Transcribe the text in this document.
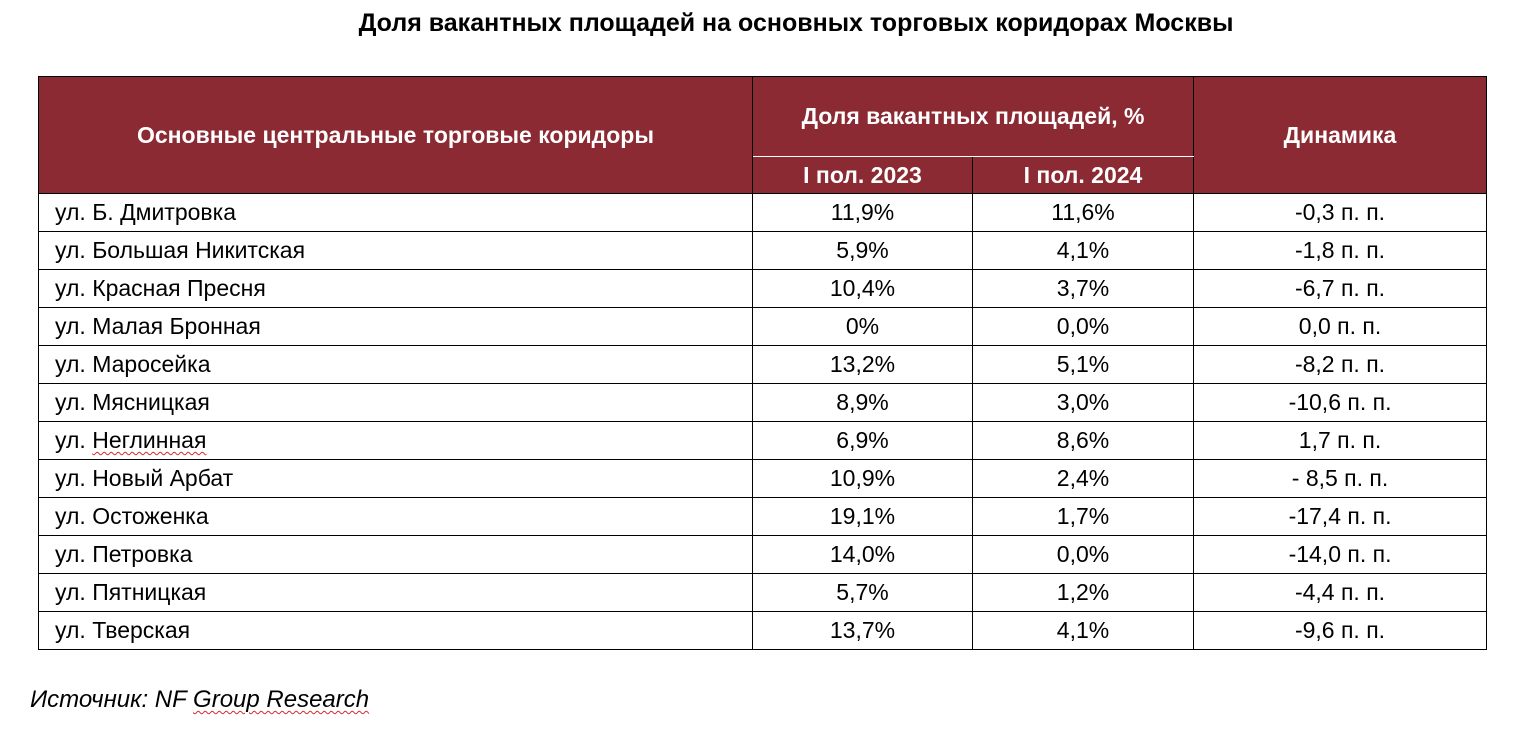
Доля вакантных площадей на основных торговых коридорах Москвы
Основные центральные торговые коридоры	Доля вакантных площадей, %		Динамика
	I пол. 2023	I пол. 2024	
ул. Б. Дмитровка	11,9%	11,6%	-0,3 п. п.
ул. Большая Никитская	5,9%	4,1%	-1,8 п. п.
ул. Красная Пресня	10,4%	3,7%	-6,7 п. п.
ул. Малая Бронная	0%	0,0%	0,0 п. п.
ул. Маросейка	13,2%	5,1%	-8,2 п. п.
ул. Мясницкая	8,9%	3,0%	-10,6 п. п.
ул. Неглинная	6,9%	8,6%	1,7 п. п.
ул. Новый Арбат	10,9%	2,4%	- 8,5 п. п.
ул. Остоженка	19,1%	1,7%	-17,4 п. п.
ул. Петровка	14,0%	0,0%	-14,0 п. п.
ул. Пятницкая	5,7%	1,2%	-4,4 п. п.
ул. Тверская	13,7%	4,1%	-9,6 п. п.
Источник: NF Group Research
